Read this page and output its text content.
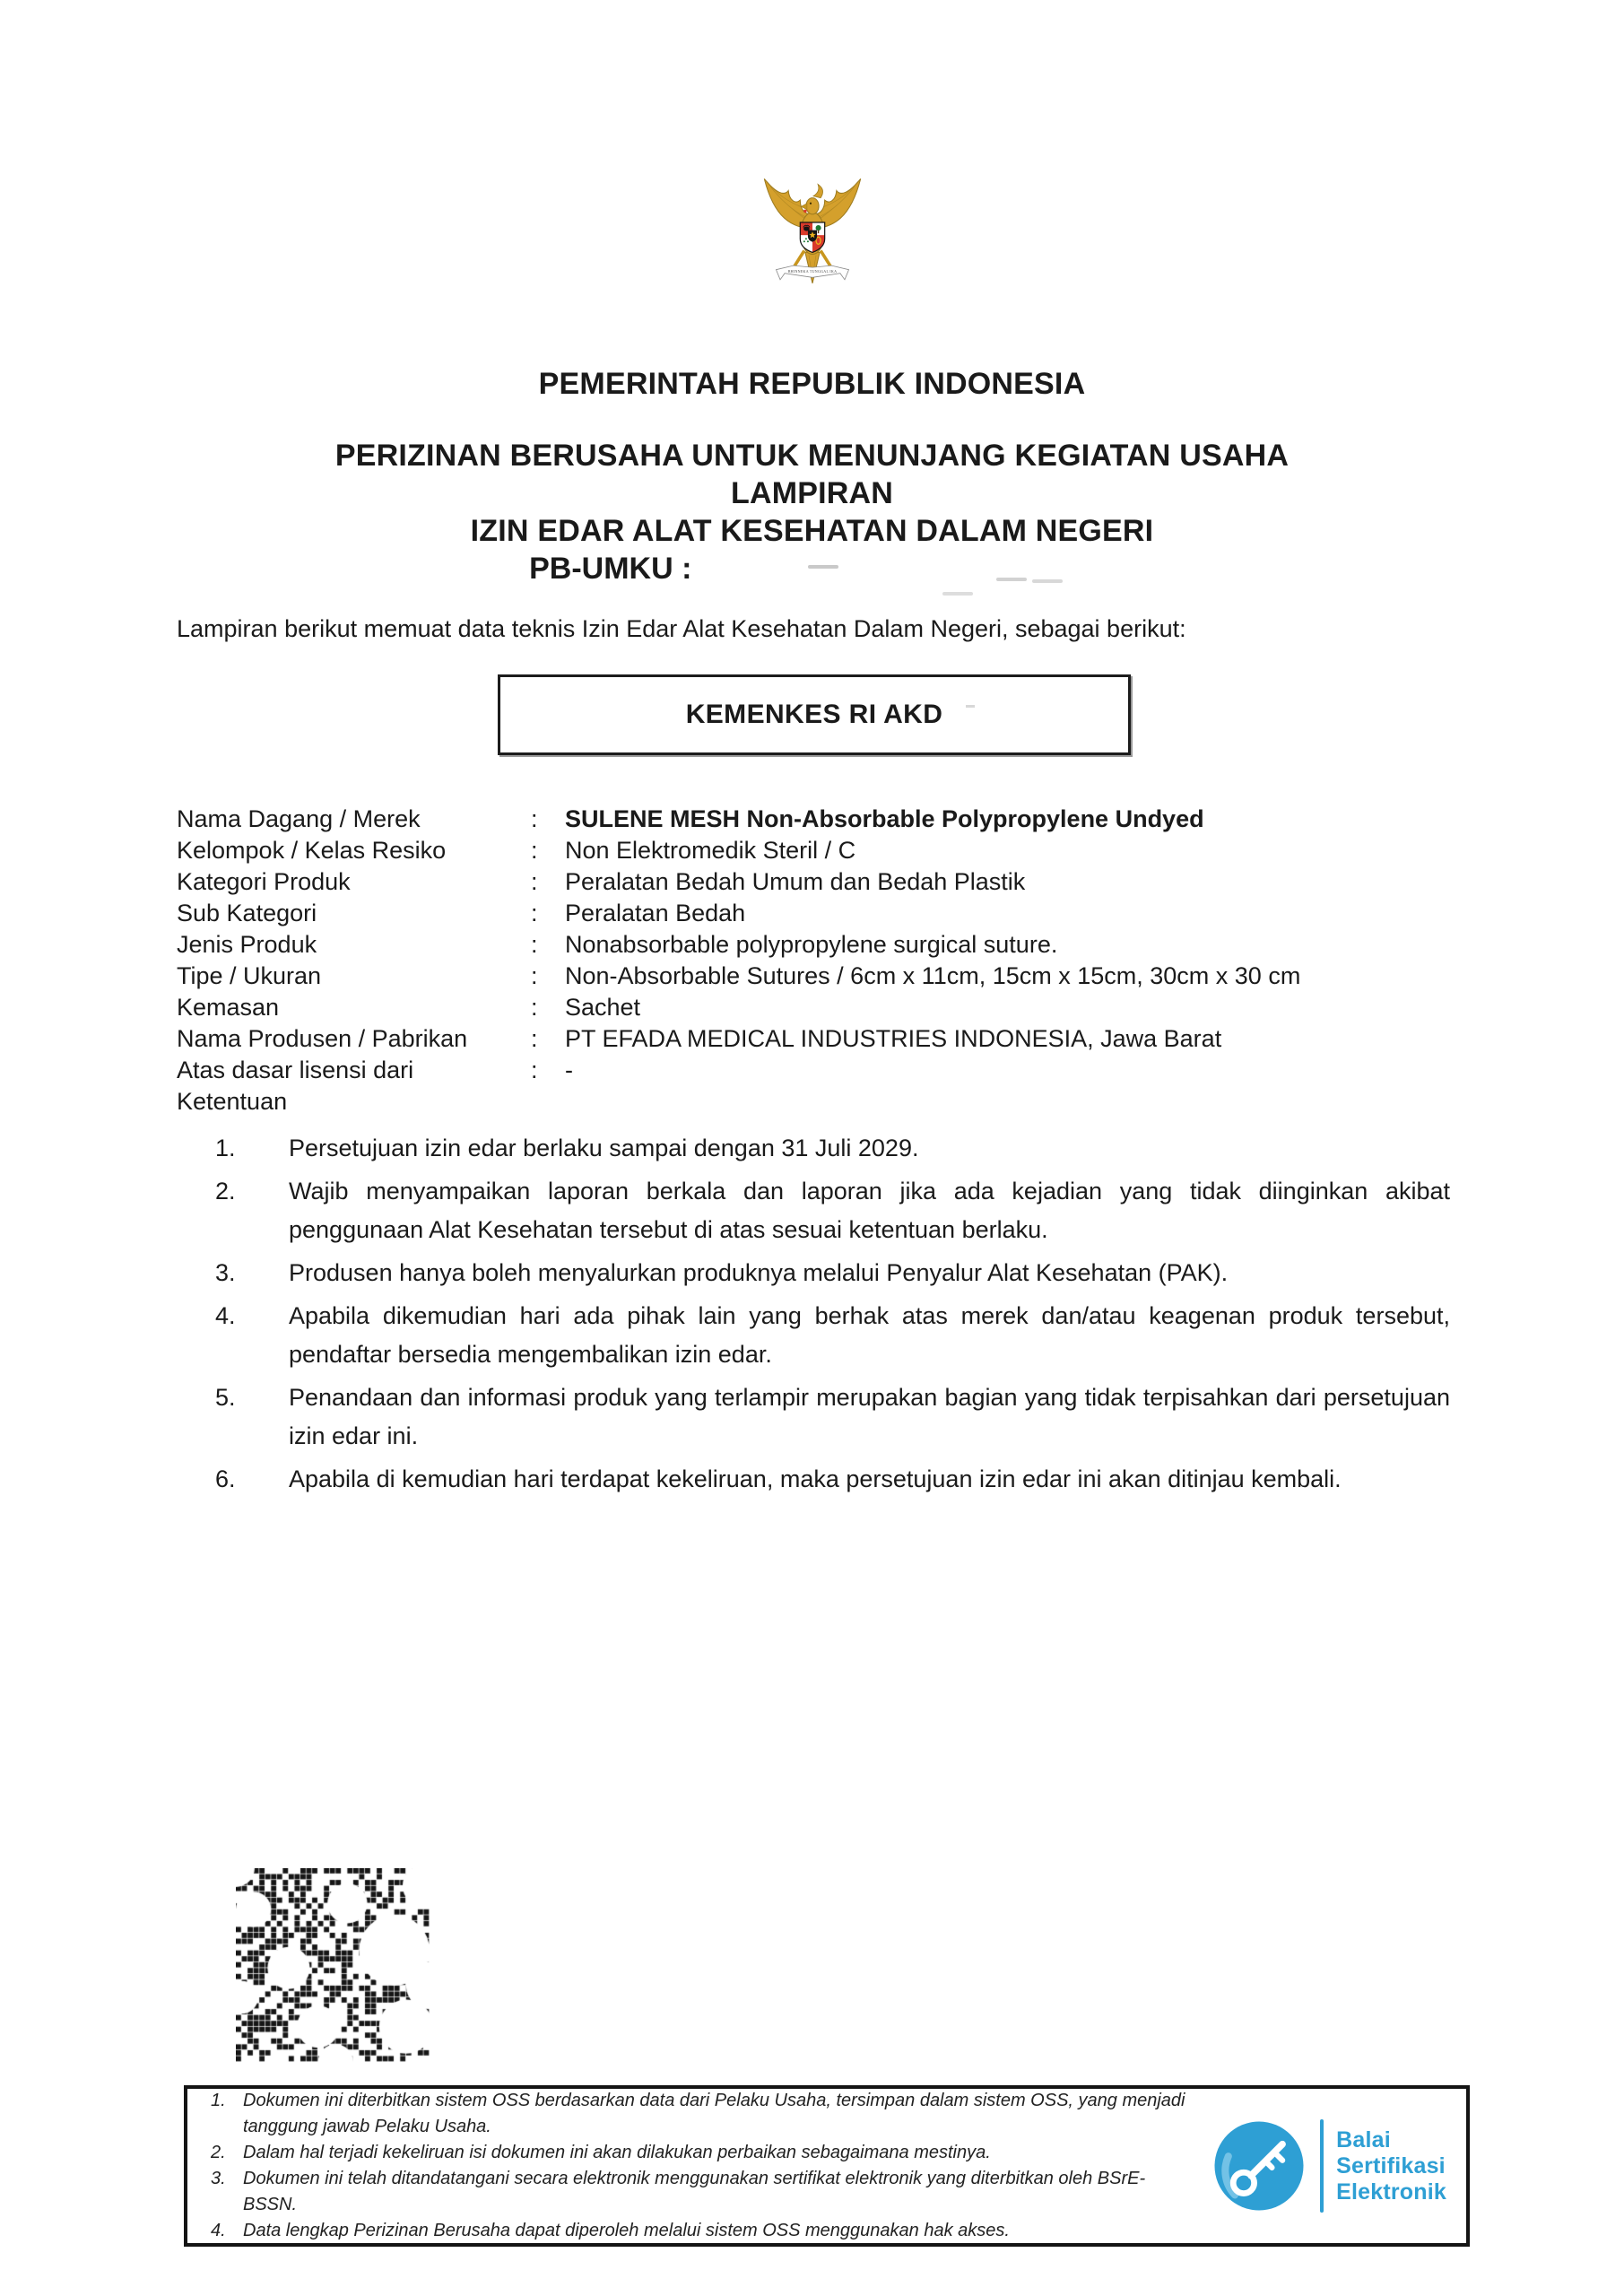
BHINNEKA TUNGGAL IKA
PEMERINTAH REPUBLIK INDONESIA
PERIZINAN BERUSAHA UNTUK MENUNJANG KEGIATAN USAHA
LAMPIRAN
IZIN EDAR ALAT KESEHATAN DALAM NEGERI
PB-UMKU :
Lampiran berikut memuat data teknis Izin Edar Alat Kesehatan Dalam Negeri, sebagai berikut:
KEMENKES RI AKD
Nama Dagang / Merek	:	SULENE MESH Non-Absorbable Polypropylene Undyed
Kelompok / Kelas Resiko	:	Non Elektromedik Steril / C
Kategori Produk	:	Peralatan Bedah Umum dan Bedah Plastik
Sub Kategori	:	Peralatan Bedah
Jenis Produk	:	Nonabsorbable polypropylene surgical suture.
Tipe / Ukuran	:	Non-Absorbable Sutures / 6cm x 11cm, 15cm x 15cm, 30cm x 30 cm
Kemasan	:	Sachet
Nama Produsen / Pabrikan	:	PT EFADA MEDICAL INDUSTRIES INDONESIA, Jawa Barat
Atas dasar lisensi dari	:	-
Ketentuan
1.	Persetujuan izin edar berlaku sampai dengan 31 Juli 2029.

2.	Wajib menyampaikan laporan berkala dan laporan jika ada kejadian yang tidak diinginkan akibat penggunaan Alat Kesehatan tersebut di atas sesuai ketentuan berlaku.

3.	Produsen hanya boleh menyalurkan produknya melalui Penyalur Alat Kesehatan (PAK).

4.	Apabila dikemudian hari ada pihak lain yang berhak atas merek dan/atau keagenan produk tersebut, pendaftar bersedia mengembalikan izin edar.

5.	Penandaan dan informasi produk yang terlampir merupakan bagian yang tidak terpisahkan dari persetujuan izin edar ini.

6.	Apabila di kemudian hari terdapat kekeliruan, maka persetujuan izin edar ini akan ditinjau kembali.

1. Dokumen ini diterbitkan sistem OSS berdasarkan data dari Pelaku Usaha, tersimpan dalam sistem OSS, yang menjadi tanggung jawab Pelaku Usaha.

2. Dalam hal terjadi kekeliruan isi dokumen ini akan dilakukan perbaikan sebagaimana mestinya.

3. Dokumen ini telah ditandatangani secara elektronik menggunakan sertifikat elektronik yang diterbitkan oleh BSrE-BSSN.

4. Data lengkap Perizinan Berusaha dapat diperoleh melalui sistem OSS menggunakan hak akses.

Balai
Sertifikasi
Elektronik
